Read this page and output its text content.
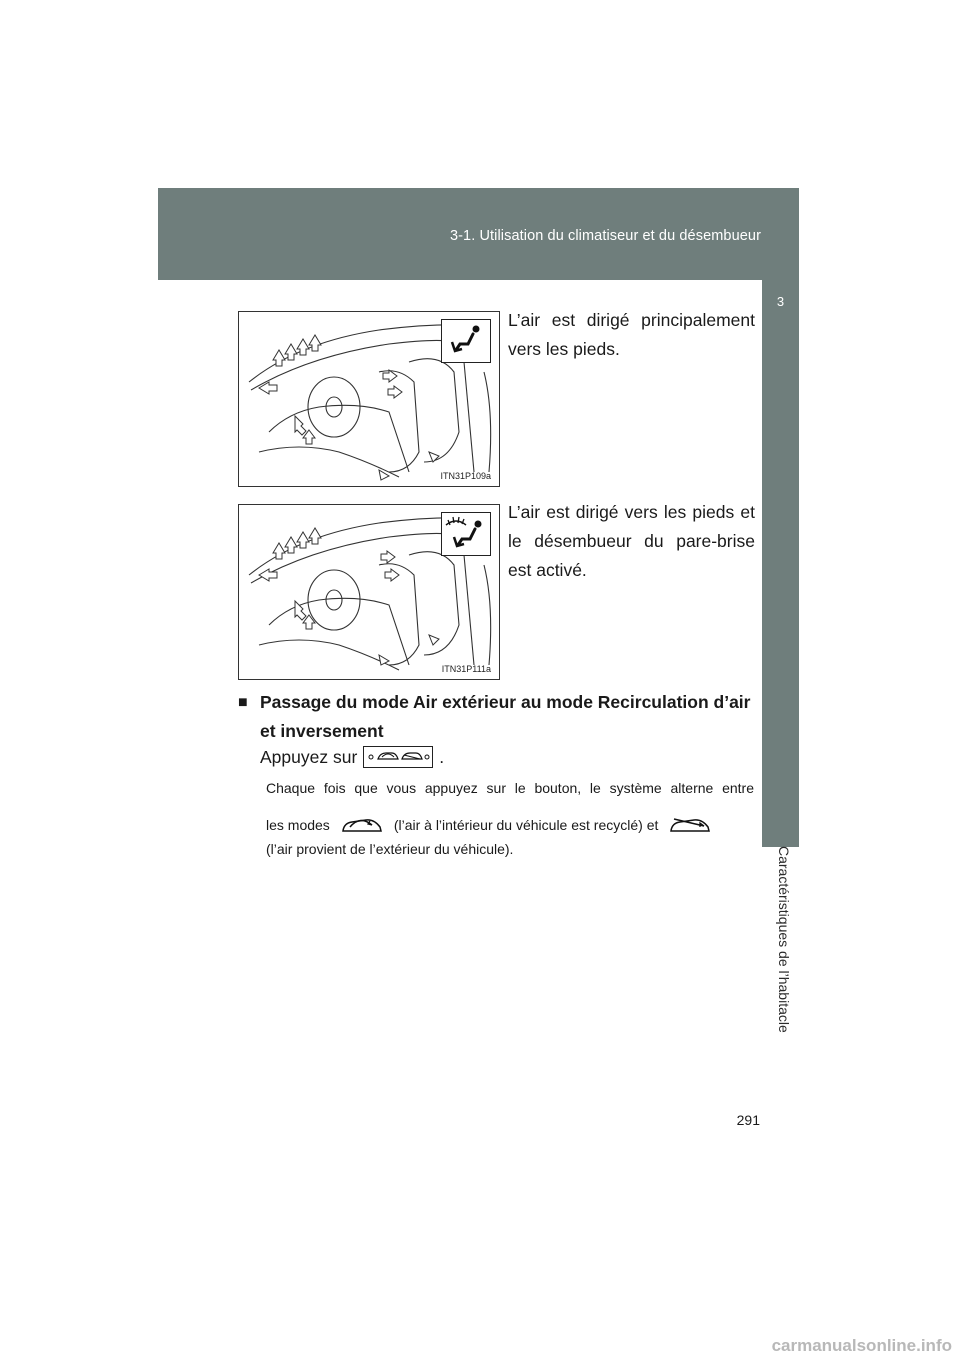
3-1. Utilisation du climatiseur et du désembueur
3
Caractéristiques de l’habitacle
ITN31P109a
L’air est dirigé principalement vers les pieds.
ITN31P111a
L’air est dirigé vers les pieds et le désembueur du pare-brise est activé.
■ Passage du mode Air extérieur au mode Recirculation d’air et inversement
Appuyez sur	.
Chaque fois que vous appuyez sur le bouton, le système alterne entre
les modes	(l’air à l’intérieur du véhicule est recyclé) et
(l’air provient de l’extérieur du véhicule).
291
carmanualsonline.info
